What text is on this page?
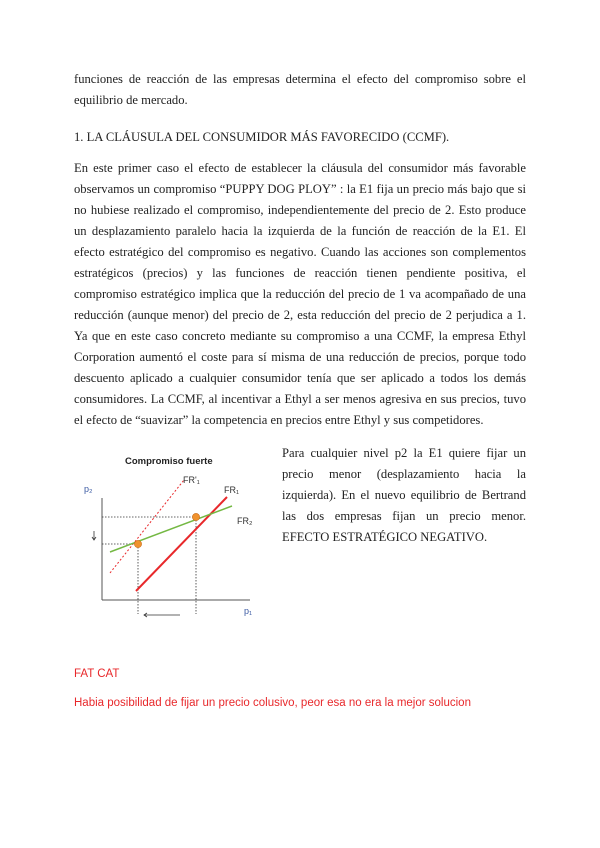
funciones de reacción de las empresas determina el efecto del compromiso sobre el equilibrio de mercado.

1. LA CLÁUSULA DEL CONSUMIDOR MÁS FAVORECIDO (CCMF).

En este primer caso el efecto de establecer la cláusula del consumidor más favorable observamos un compromiso “PUPPY DOG PLOY” : la E1 fija un precio más bajo que si no hubiese realizado el compromiso, independientemente del precio de 2. Esto produce un desplazamiento paralelo hacia la izquierda de la función de reacción de la E1. El efecto estratégico del compromiso es negativo. Cuando las acciones son complementos estratégicos (precios) y las funciones de reacción tienen pendiente positiva, el compromiso estratégico implica que la reducción del precio de 1 va acompañado de una reducción (aunque menor) del precio de 2, esta reducción del precio de 2 perjudica a 1. Ya que en este caso concreto mediante su compromiso a una CCMF, la empresa Ethyl Corporation aumentó el coste para sí misma de una reducción de precios, porque todo descuento aplicado a cualquier consumidor tenía que ser aplicado a todos los demás consumidores. La CCMF, al incentivar a Ethyl a ser menos agresiva en sus precios, tuvo el efecto de “suavizar” la competencia en precios entre Ethyl y sus competidores.

Compromiso fuerte
p₂
p₁
FR'₁
FR₁
FR₂

Para cualquier nivel p2 la E1 quiere fijar un precio menor (desplazamiento hacia la izquierda). En el nuevo equilibrio de Bertrand las dos empresas fijan un precio menor. EFECTO ESTRATÉGICO NEGATIVO.

FAT CAT

Habia posibilidad de fijar un precio colusivo, peor esa no era la mejor solucion
